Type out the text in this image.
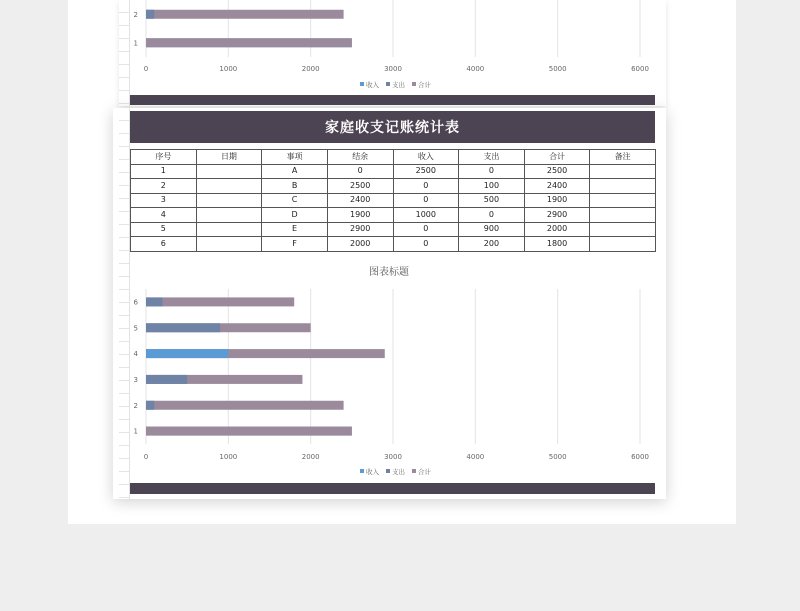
家庭收支记账统计表
序号	日期	事项	结余	收入	支出	合计	备注
1		A	0	2500	0	2500	
2		B	2500	0	100	2400	
3		C	2400	0	500	1900	
4		D	1900	1000	0	2900	
5		E	2900	0	900	2000	
6		F	2000	0	200	1800	
0	1000	2000	3000	4000	5000	6000
1
2
收入 支出 合计
图表标题
0	1000	2000	3000	4000	5000	6000
1
2
3
4
5
6
收入 支出 合计
